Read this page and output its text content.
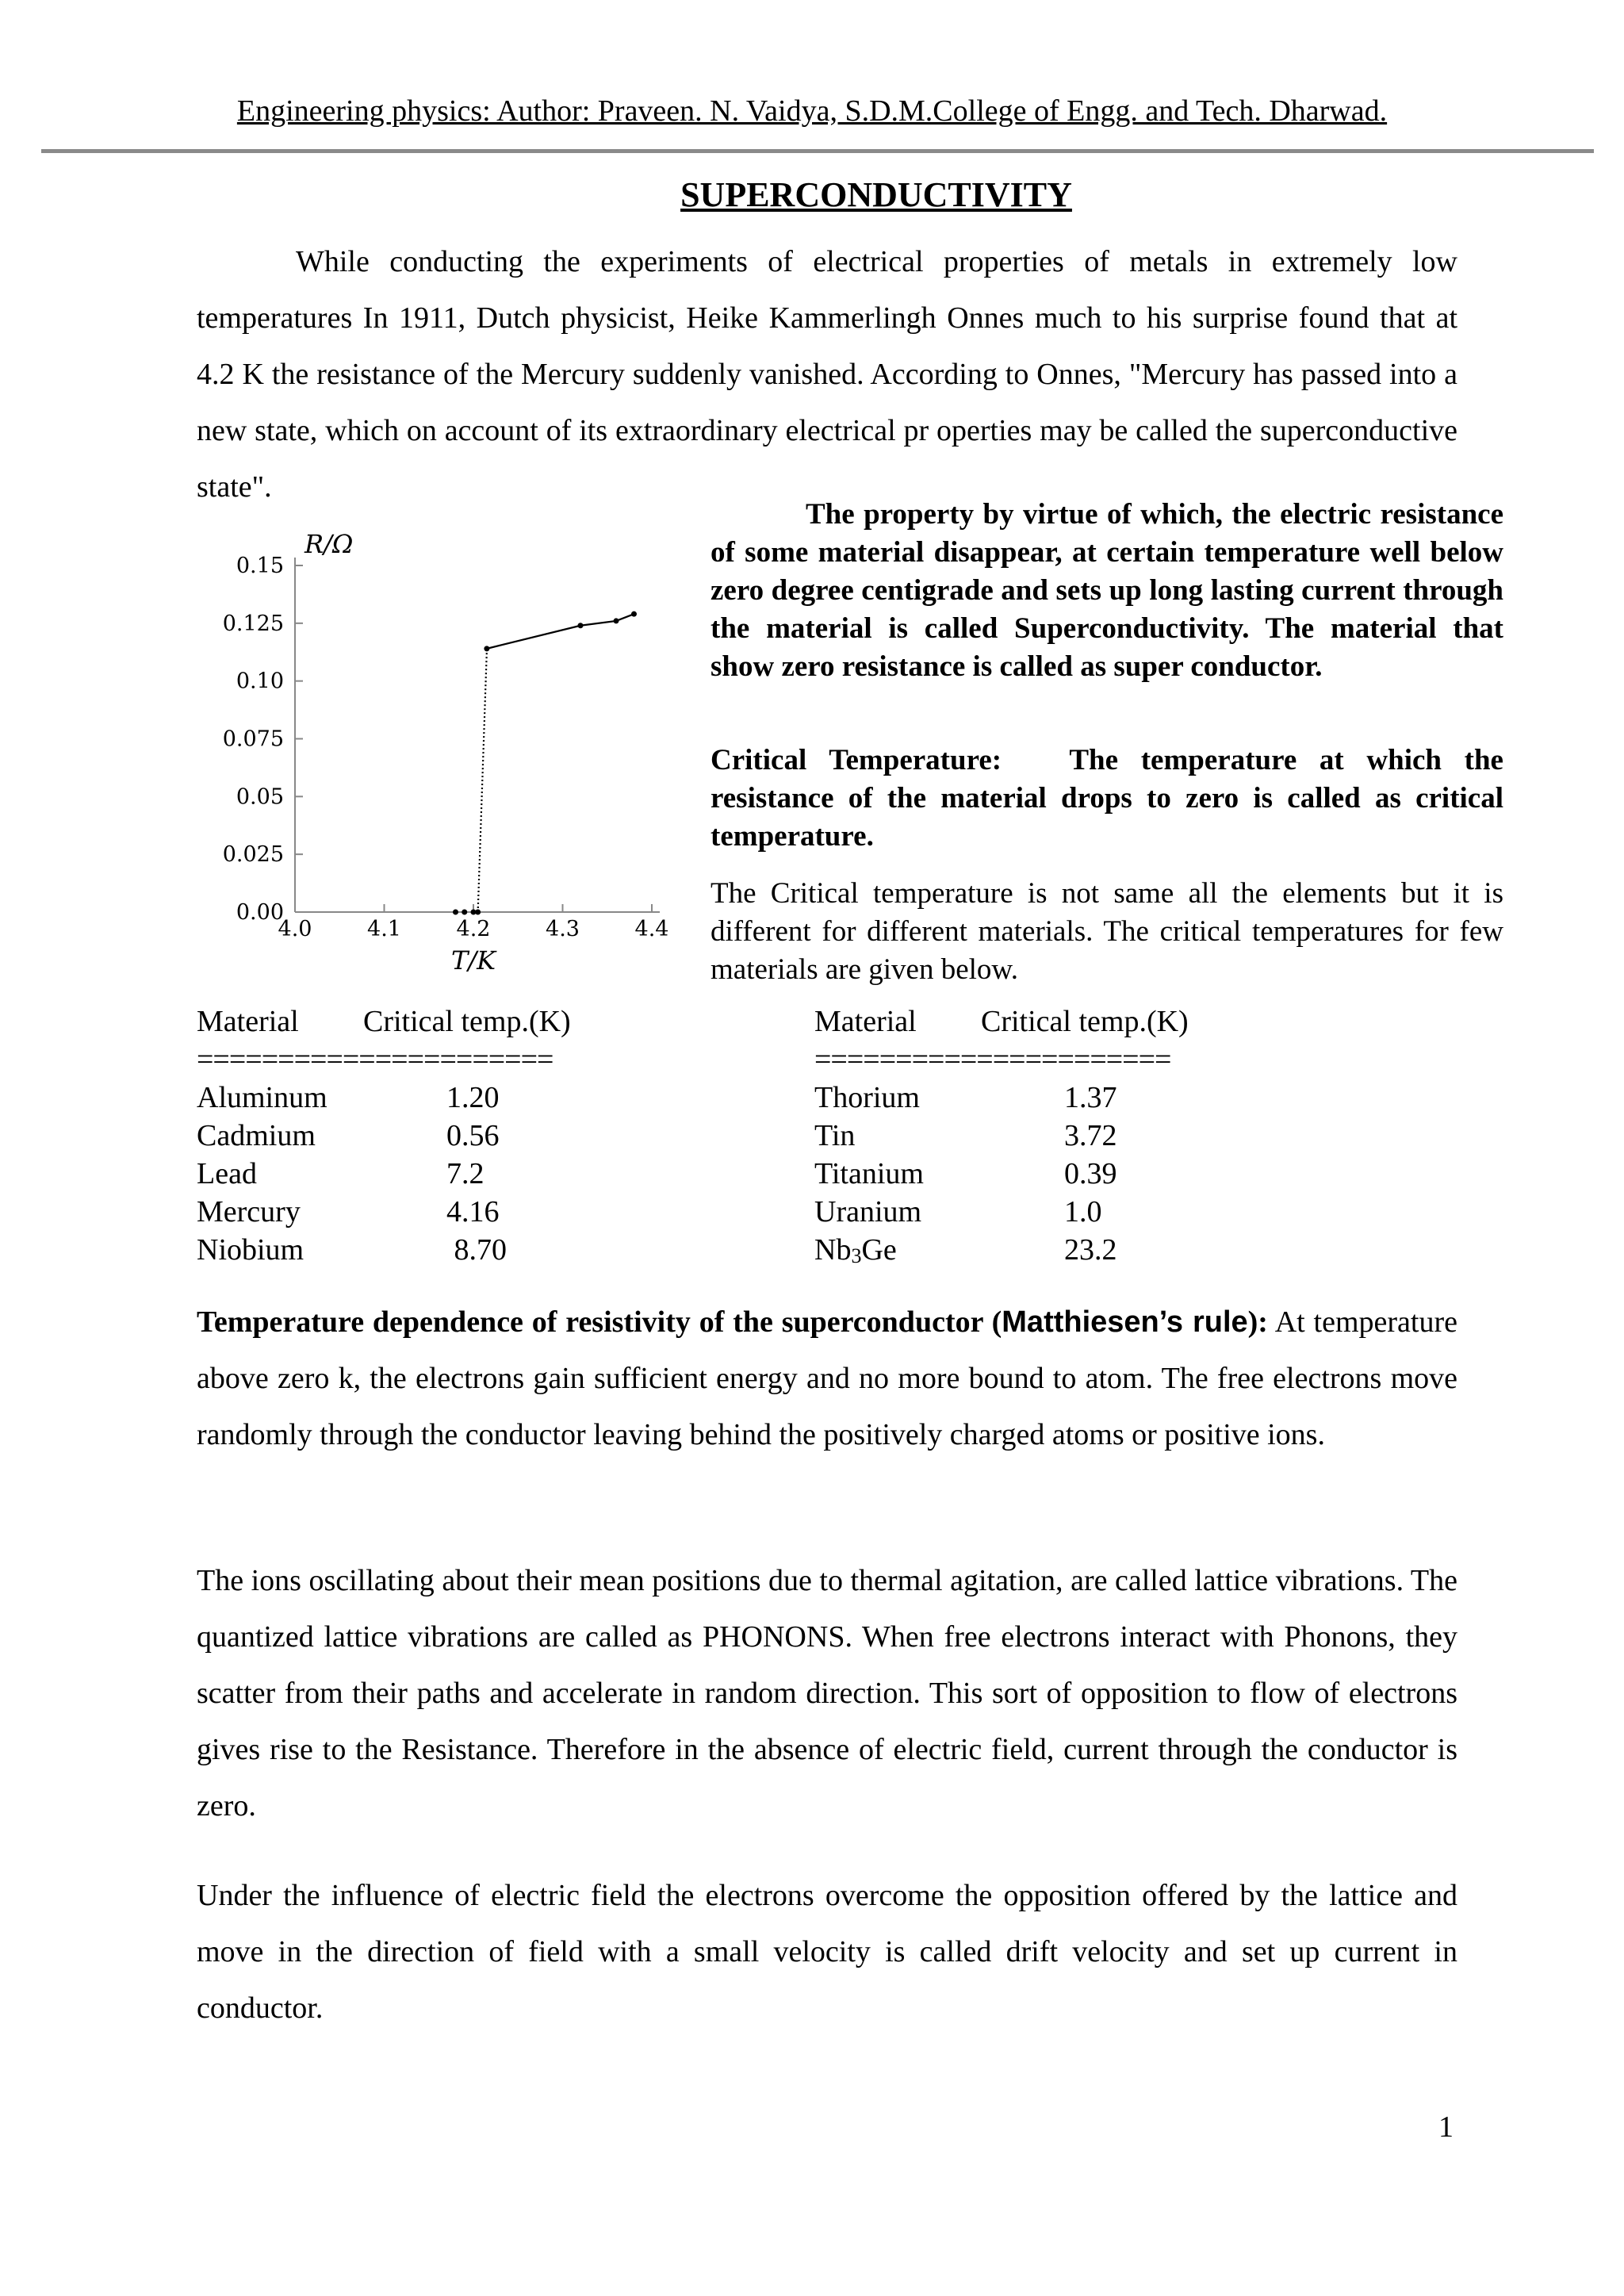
Engineering physics: Author: Praveen. N. Vaidya, S.D.M.College of Engg. and Tech. Dharwad.
SUPERCONDUCTIVITY

While conducting the experiments of electrical properties of metals in extremely low temperatures In 1911, Dutch physicist, Heike Kammerlingh Onnes much to his surprise found that at 4.2 K the resistance of the Mercury suddenly vanished. According to Onnes, "Mercury has passed into a new state, which on account of its extraordinary electrical pr operties may be called the superconductive state".

4.0	4.1	4.2	4.3	4.4
0.00
0.025
0.05
0.075
0.10
0.125
0.15
R/Ω
T/K

The property by virtue of which, the electric resistance of some material disappear, at certain temperature well below zero degree centigrade and sets up long lasting current through the material is called Superconductivity. The material that show zero resistance is called as super conductor.

Critical Temperature: The temperature at which the resistance of the material drops to zero is called as critical temperature.

The Critical temperature is not same all the elements but it is different for different materials. The critical temperatures for few materials are given below.

Material Critical temp.(K)
======================
Aluminum	1.20
Cadmium	0.56
Lead	7.2
Mercury	4.16
Niobium	8.70
Material Critical temp.(K)
======================
Thorium	1.37
Tin	3.72
Titanium	0.39
Uranium	1.0
$Nb_3Ge$	23.2

Temperature dependence of resistivity of the superconductor (Matthiesen’s rule): At temperature above zero k, the electrons gain sufficient energy and no more bound to atom. The free electrons move randomly through the conductor leaving behind the positively charged atoms or positive ions.

The ions oscillating about their mean positions due to thermal agitation, are called lattice vibrations. The quantized lattice vibrations are called as PHONONS. When free electrons interact with Phonons, they scatter from their paths and accelerate in random direction. This sort of opposition to flow of electrons gives rise to the Resistance. Therefore in the absence of electric field, current through the conductor is zero.

Under the influence of electric field the electrons overcome the opposition offered by the lattice and move in the direction of field with a small velocity is called drift velocity and set up current in conductor.

1
